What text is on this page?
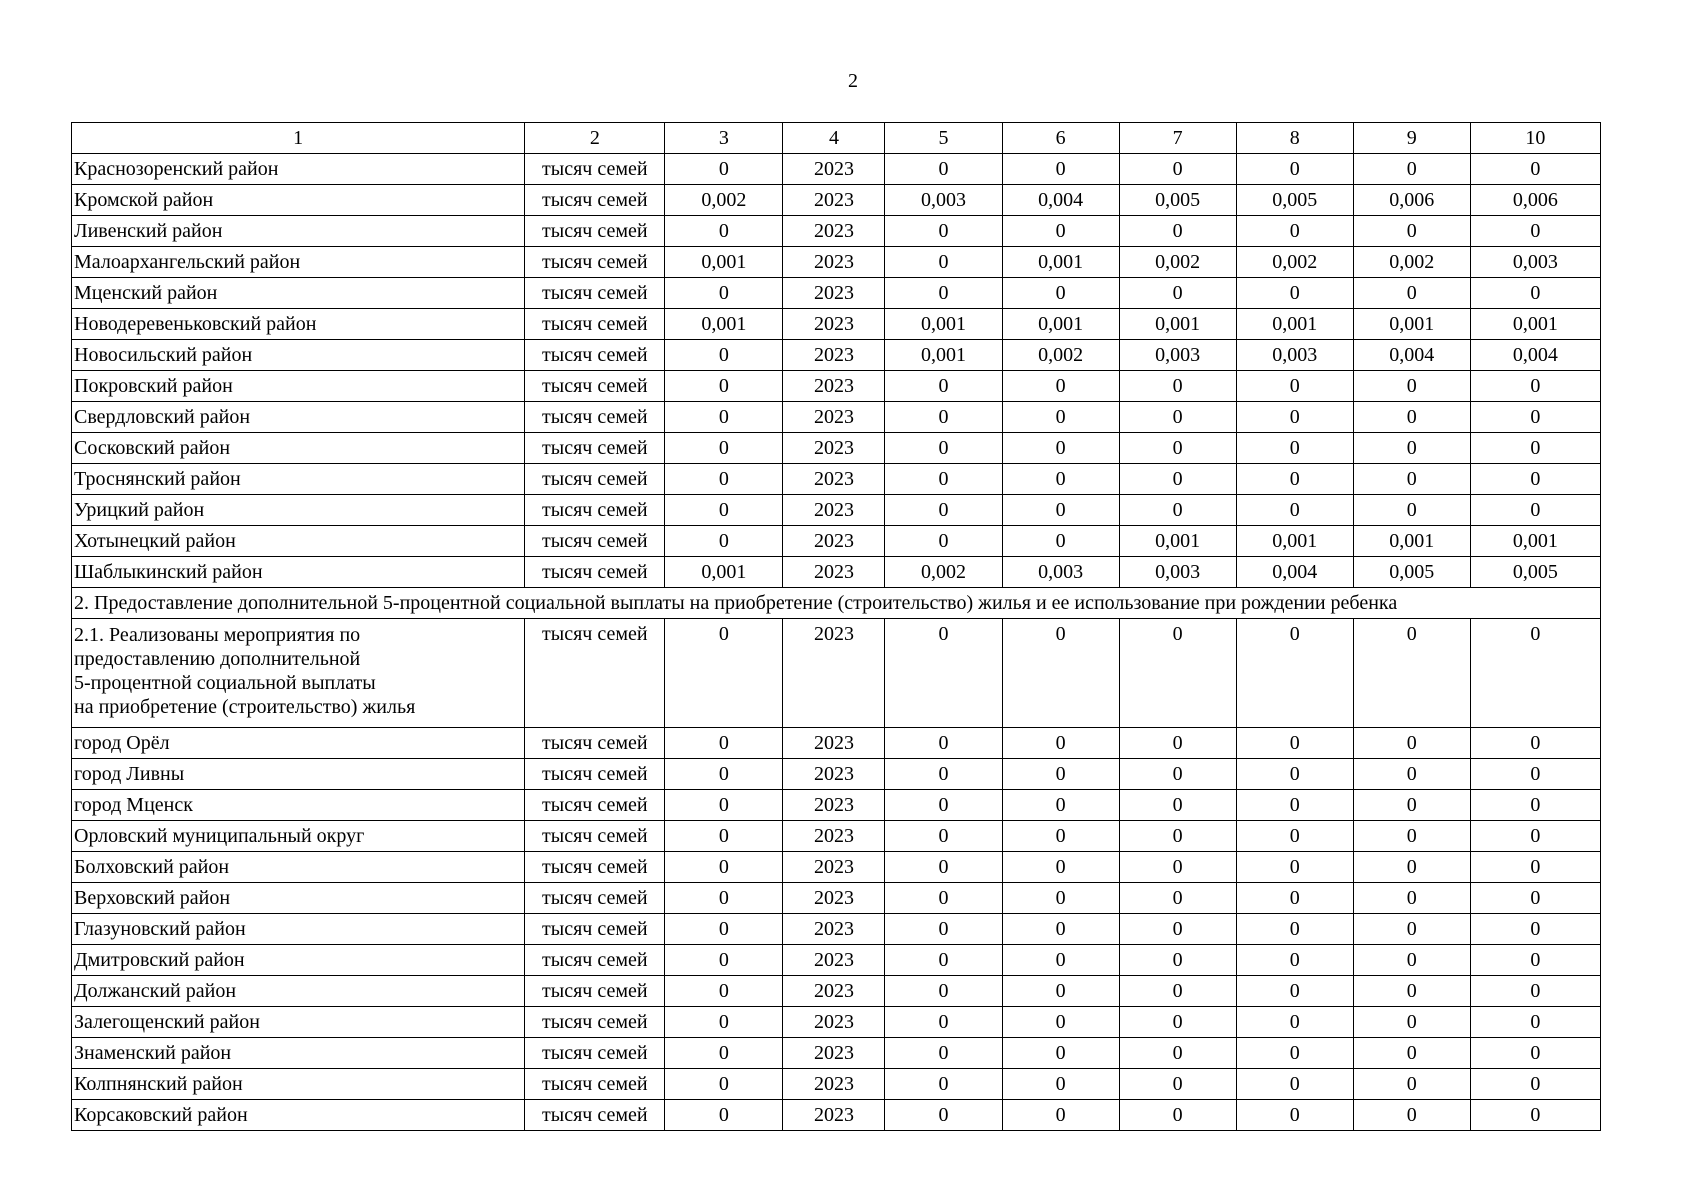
2
1	2	3	4	5	6	7	8	9	10
Краснозоренский район	тысяч семей	0	2023	0	0	0	0	0	0
Кромской район	тысяч семей	0,002	2023	0,003	0,004	0,005	0,005	0,006	0,006
Ливенский район	тысяч семей	0	2023	0	0	0	0	0	0
Малоархангельский район	тысяч семей	0,001	2023	0	0,001	0,002	0,002	0,002	0,003
Мценский район	тысяч семей	0	2023	0	0	0	0	0	0
Новодеревеньковский район	тысяч семей	0,001	2023	0,001	0,001	0,001	0,001	0,001	0,001
Новосильский район	тысяч семей	0	2023	0,001	0,002	0,003	0,003	0,004	0,004
Покровский район	тысяч семей	0	2023	0	0	0	0	0	0
Свердловский район	тысяч семей	0	2023	0	0	0	0	0	0
Сосковский район	тысяч семей	0	2023	0	0	0	0	0	0
Троснянский район	тысяч семей	0	2023	0	0	0	0	0	0
Урицкий район	тысяч семей	0	2023	0	0	0	0	0	0
Хотынецкий район	тысяч семей	0	2023	0	0	0,001	0,001	0,001	0,001
Шаблыкинский район	тысяч семей	0,001	2023	0,002	0,003	0,003	0,004	0,005	0,005
2. Предоставление дополнительной 5-процентной социальной выплаты на приобретение (строительство) жилья и ее использование при рождении ребенка									

2.1. Реализованы мероприятия по
предоставлению дополнительной
5-процентной социальной выплаты
на приобретение (строительство) жилья	тысяч семей	0	2023	0	0	0	0	0	0
город Орёл	тысяч семей	0	2023	0	0	0	0	0	0
город Ливны	тысяч семей	0	2023	0	0	0	0	0	0
город Мценск	тысяч семей	0	2023	0	0	0	0	0	0
Орловский муниципальный округ	тысяч семей	0	2023	0	0	0	0	0	0
Болховский район	тысяч семей	0	2023	0	0	0	0	0	0
Верховский район	тысяч семей	0	2023	0	0	0	0	0	0
Глазуновский район	тысяч семей	0	2023	0	0	0	0	0	0
Дмитровский район	тысяч семей	0	2023	0	0	0	0	0	0
Должанский район	тысяч семей	0	2023	0	0	0	0	0	0
Залегощенский район	тысяч семей	0	2023	0	0	0	0	0	0
Знаменский район	тысяч семей	0	2023	0	0	0	0	0	0
Колпнянский район	тысяч семей	0	2023	0	0	0	0	0	0
Корсаковский район	тысяч семей	0	2023	0	0	0	0	0	0
